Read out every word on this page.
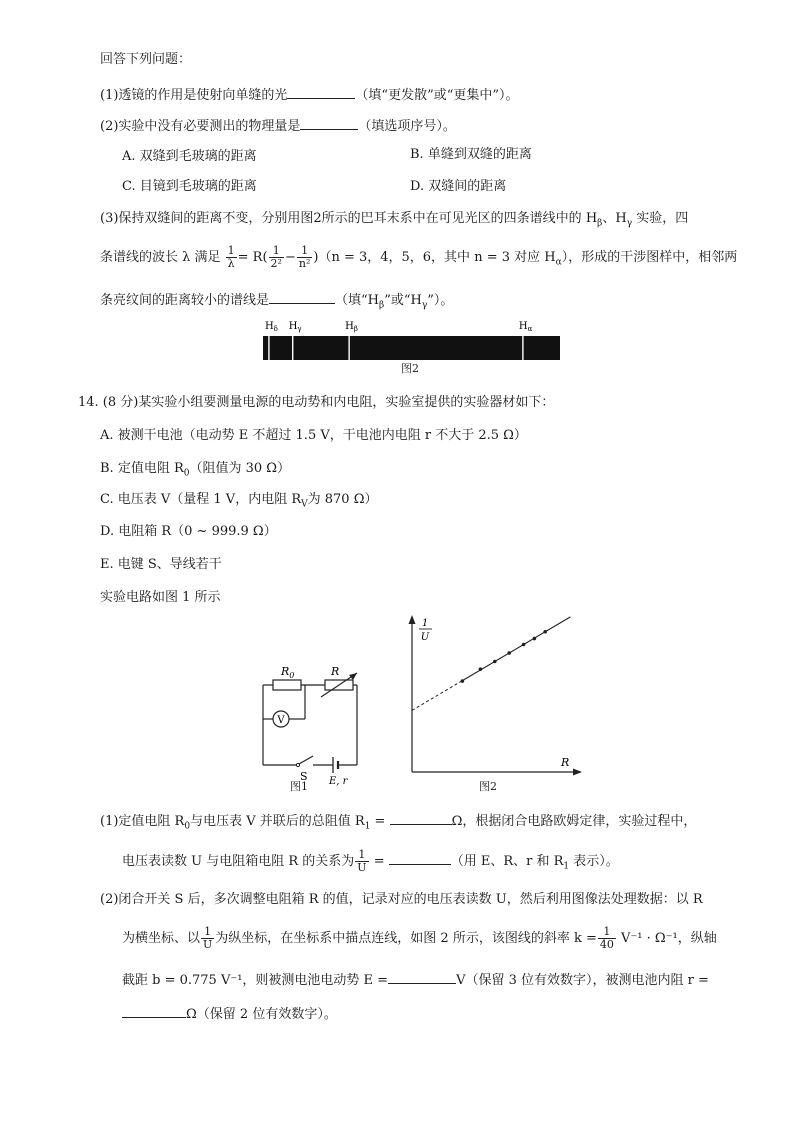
回答下列问题：
(1)透镜的作用是使射向单缝的光	（填“更发散”或“更集中”）。
(2)实验中没有必要测出的物理量是	（填选项序号）。
A. 双缝到毛玻璃的距离	B. 单缝到双缝的距离
C. 目镜到毛玻璃的距离	D. 双缝间的距离
(3)保持双缝间的距离不变，分别用图2所示的巴耳末系中在可见光区的四条谱线中的 $H_\beta$、$H_\gamma$ 实验，四
条谱线的波长 λ 满足 $\frac{1}{\lambda} = R( \frac{1}{\text{2²}} - \frac{1}{\text{n²}} )(n = 3$，4，5，6，其中 n = 3 对应 $H_\alpha$），形成的干涉图样中，相邻两
条亮纹间的距离较小的谱线是	（填“$H_\beta$”或“$H_\gamma$”）。
$H_\delta$ $H_\gamma$	$H_\beta$	$H_\alpha$
图2
14. (8 分)某实验小组要测量电源的电动势和内电阻，实验室提供的实验器材如下：
A. 被测干电池（电动势 E 不超过 1.5 V，干电池内电阻 r 不大于 2.5 Ω）
B. 定值电阻 $R_0$（阻值为 30 Ω）
C. 电压表 V（量程 1 V，内电阻 $R_V$为 870 Ω）
D. 电阻箱 R（0 ~ 999.9 Ω）
E. 电键 S、导线若干
实验电路如图 1 所示
V
$R_0$	R
S E, r
图1
1
U
R
图2
(1)定值电阻 $R_0$与电压表 V 并联后的总阻值 $R_1$ =	Ω，根据闭合电路欧姆定律，实验过程中，
电压表读数 U 与电阻箱电阻 R 的关系为 $\frac{1}{U}$ =	（用 E、R、r 和 $R_1$ 表示）。
(2)闭合开关 S 后，多次调整电阻箱 R 的值，记录对应的电压表读数 U，然后利用图像法处理数据：以 R
为横坐标、以 $\frac{1}{U}$ 为纵坐标，在坐标系中描点连线，如图 2 所示，该图线的斜率 $k = \frac{1}{40} V^{-1} \cdot \Omega^{-1}$，纵轴
截距 b = 0.775 V⁻¹，则被测电池电动势 E =	V（保留 3 位有效数字），被测电池内阻 r =
Ω（保留 2 位有效数字）。
